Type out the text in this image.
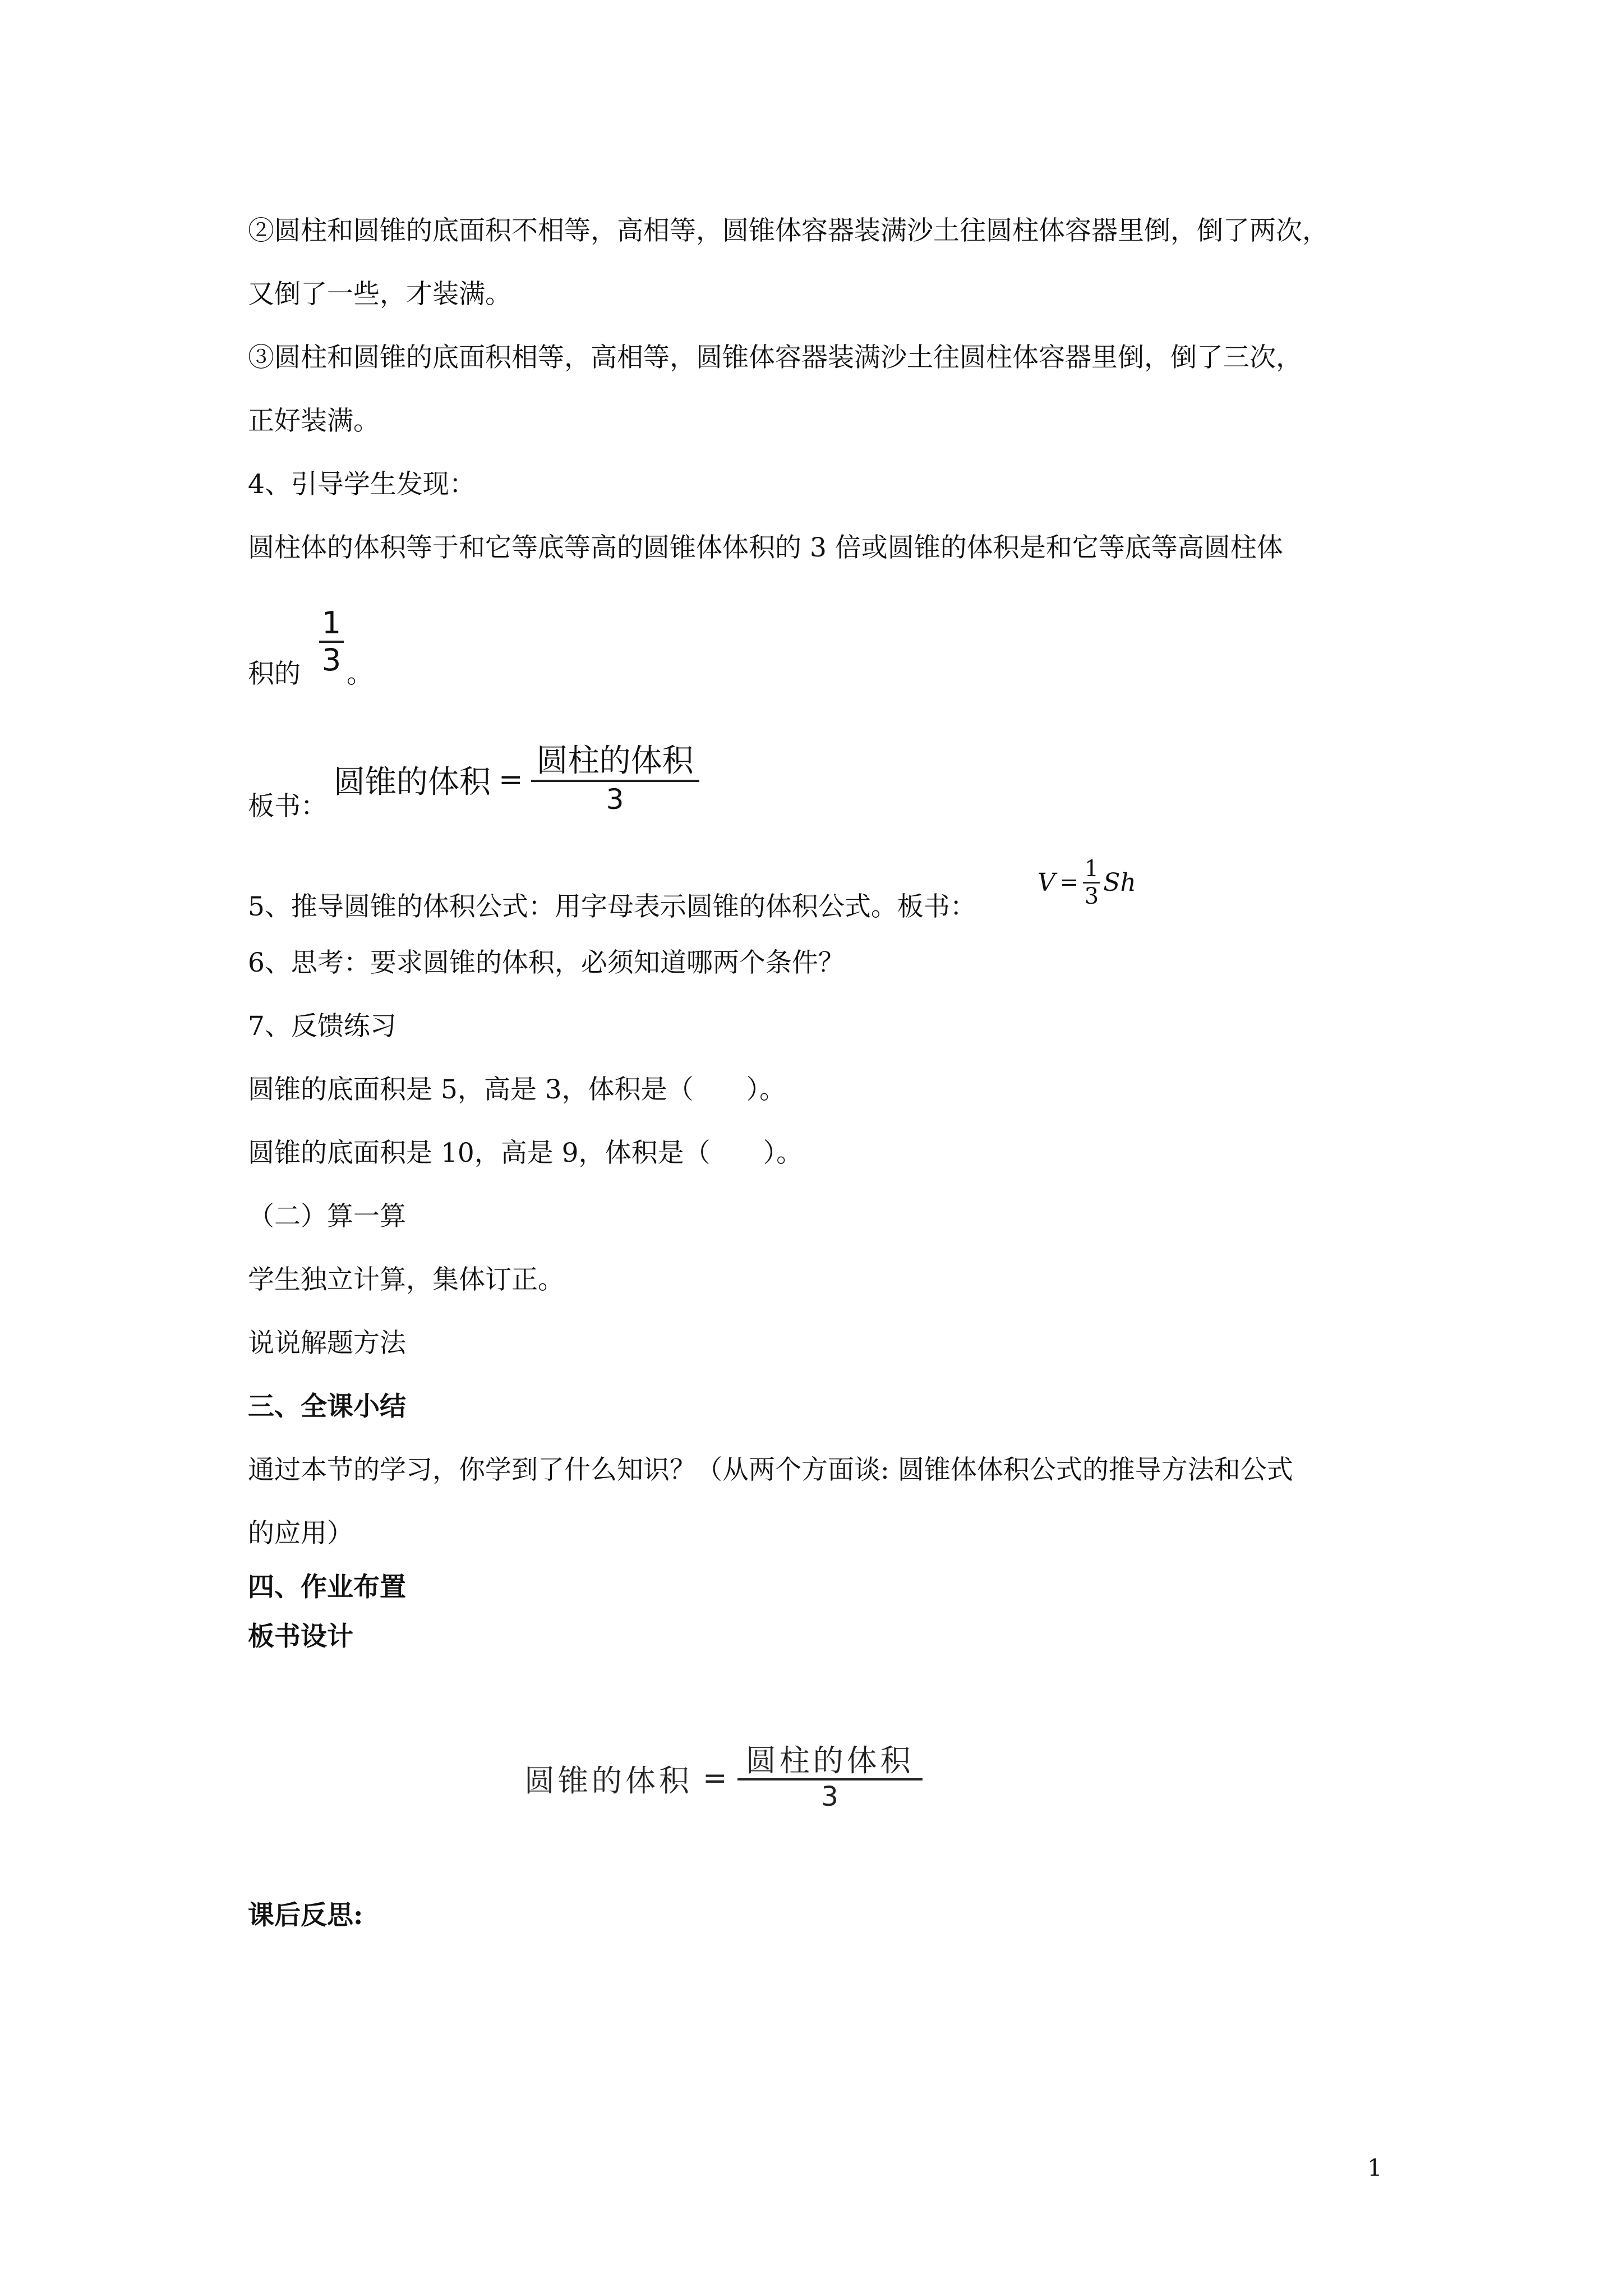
②圆柱和圆锥的底面积不相等，高相等，圆锥体容器装满沙土往圆柱体容器里倒，倒了两次，
又倒了一些，才装满。
③圆柱和圆锥的底面积相等，高相等，圆锥体容器装满沙土往圆柱体容器里倒，倒了三次，
正好装满。
4、引导学生发现：
圆柱体的体积等于和它等底等高的圆锥体体积的 3 倍或圆锥的体积是和它等底等高圆柱体
积的
1
3 。
板书：
圆锥的体积 =
圆柱的体积
3
5、推导圆锥的体积公式：用字母表示圆锥的体积公式。板书：
V =
1
3 Sh
6、思考：要求圆锥的体积，必须知道哪两个条件？
7、反馈练习
圆锥的底面积是 5，高是 3，体积是（　　）。
圆锥的底面积是 10，高是 9，体积是（　　）。
（二）算一算
学生独立计算，集体订正。
说说解题方法
三、全课小结
通过本节的学习，你学到了什么知识？（从两个方面谈: 圆锥体体积公式的推导方法和公式
的应用）
四、作业布置
板书设计
圆锥的体积 = 圆柱的体积
3
课后反思:
1
